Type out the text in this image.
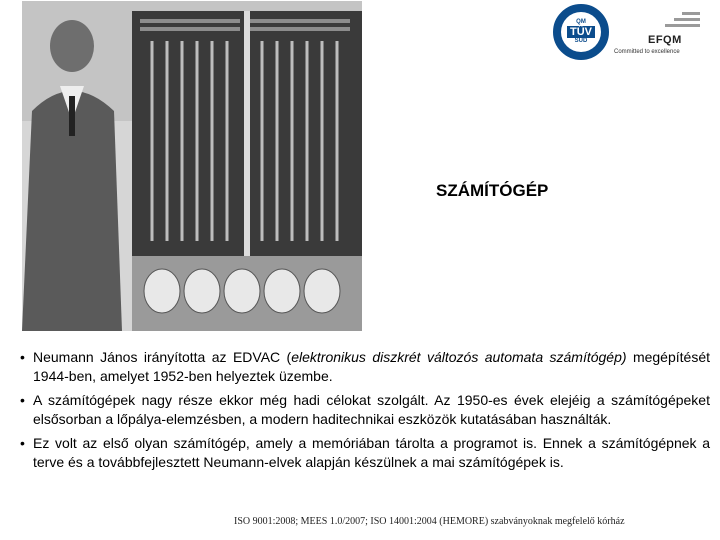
QM
TÜV
SÜD	EFQM
Committed to excellence
SZÁMÍTÓGÉP
• Neumann János irányította az EDVAC (elektronikus diszkrét változós automata számítógép) megépítését 1944-ben, amelyet 1952-ben helyeztek üzembe.
• A számítógépek nagy része ekkor még hadi célokat szolgált. Az 1950-es évek elejéig a számítógépeket elsősorban a lőpálya-elemzésben, a modern haditechnikai eszközök kutatásában használták.
• Ez volt az első olyan számítógép, amely a memóriában tárolta a programot is. Ennek a számítógépnek a terve és a továbbfejlesztett Neumann-elvek alapján készülnek a mai számítógépek is.
ISO 9001:2008; MEES 1.0/2007; ISO 14001:2004 (HEMORE) szabványoknak megfelelő kórház
